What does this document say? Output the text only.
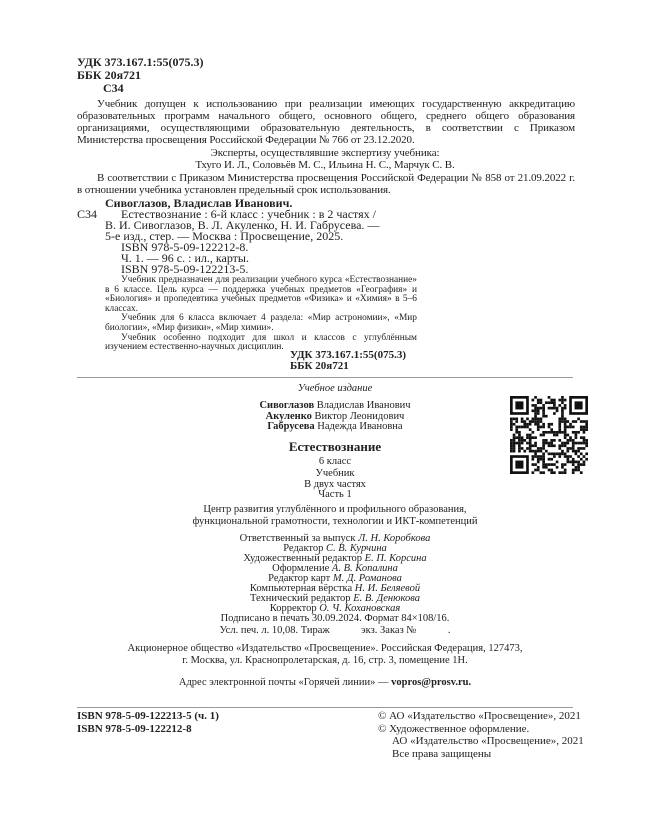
УДК 373.167.1:55(075.3)
ББК 20я721
С34
Учебник допущен к использованию при реализации имеющих государственную аккредитацию образовательных программ начального общего, основного общего, среднего общего образования организациями, осуществляющими образовательную деятельность, в соответствии с Приказом Министерства просвещения Российской Федерации № 766 от 23.12.2020.
Эксперты, осуществлявшие экспертизу учебника:
Тхуго И. Л., Соловьёв М. С., Ильина Н. С., Марчук С. В.
В соответствии с Приказом Министерства просвещения Российской Федерации № 858 от 21.09.2022 г. в отношении учебника установлен предельный срок использования.
Сивоглазов, Владислав Иванович.
С34 Естествознание : 6-й класс : учебник : в 2 частях /
В. И. Сивоглазов, В. Л. Акуленко, Н. И. Габрусева. —
5-е изд., стер. — Москва : Просвещение, 2025.
ISBN 978-5-09-122212-8.
Ч. 1. — 96 с. : ил., карты.
ISBN 978-5-09-122213-5.
Учебник предназначен для реализации учебного курса «Естествознание» в 6 классе. Цель курса — поддержка учебных предметов «География» и «Биология» и пропедевтика учебных предметов «Физика» и «Химия» в 5–6 классах.
Учебник для 6 класса включает 4 раздела: «Мир астрономии», «Мир биологии», «Мир физики», «Мир химии».
Учебник особенно подходит для школ и классов с углублённым изучением естественно-научных дисциплин.
УДК 373.167.1:55(075.3)
ББК 20я721
Учебное издание
Сивоглазов Владислав Иванович
Акуленко Виктор Леонидович
Габрусева Надежда Ивановна
Естествознание
6 класс
Учебник
В двух частях
Часть 1
Центр развития углублённого и профильного образования,
функциональной грамотности, технологии и ИКТ-компетенций
Ответственный за выпуск Л. Н. Коробкова
Редактор С. В. Курчина
Художественный редактор Е. П. Корсина
Оформление А. В. Копалина
Редактор карт М. Д. Романова
Компьютерная вёрстка Н. И. Беляевой
Технический редактор Е. В. Денюкова
Корректор О. Ч. Кохановская
Подписано в печать 30.09.2024. Формат 84×108/16.
Усл. печ. л. 10,08. Тираж            экз. Заказ №            .
Акционерное общество «Издательство «Просвещение». Российская Федерация, 127473,
г. Москва, ул. Краснопролетарская, д. 16, стр. 3, помещение 1Н.
Адрес электронной почты «Горячей линии» — vopros@prosv.ru.
ISBN 978-5-09-122213-5 (ч. 1)
ISBN 978-5-09-122212-8
© АО «Издательство «Просвещение», 2021
© Художественное оформление.
АО «Издательство «Просвещение», 2021
Все права защищены
